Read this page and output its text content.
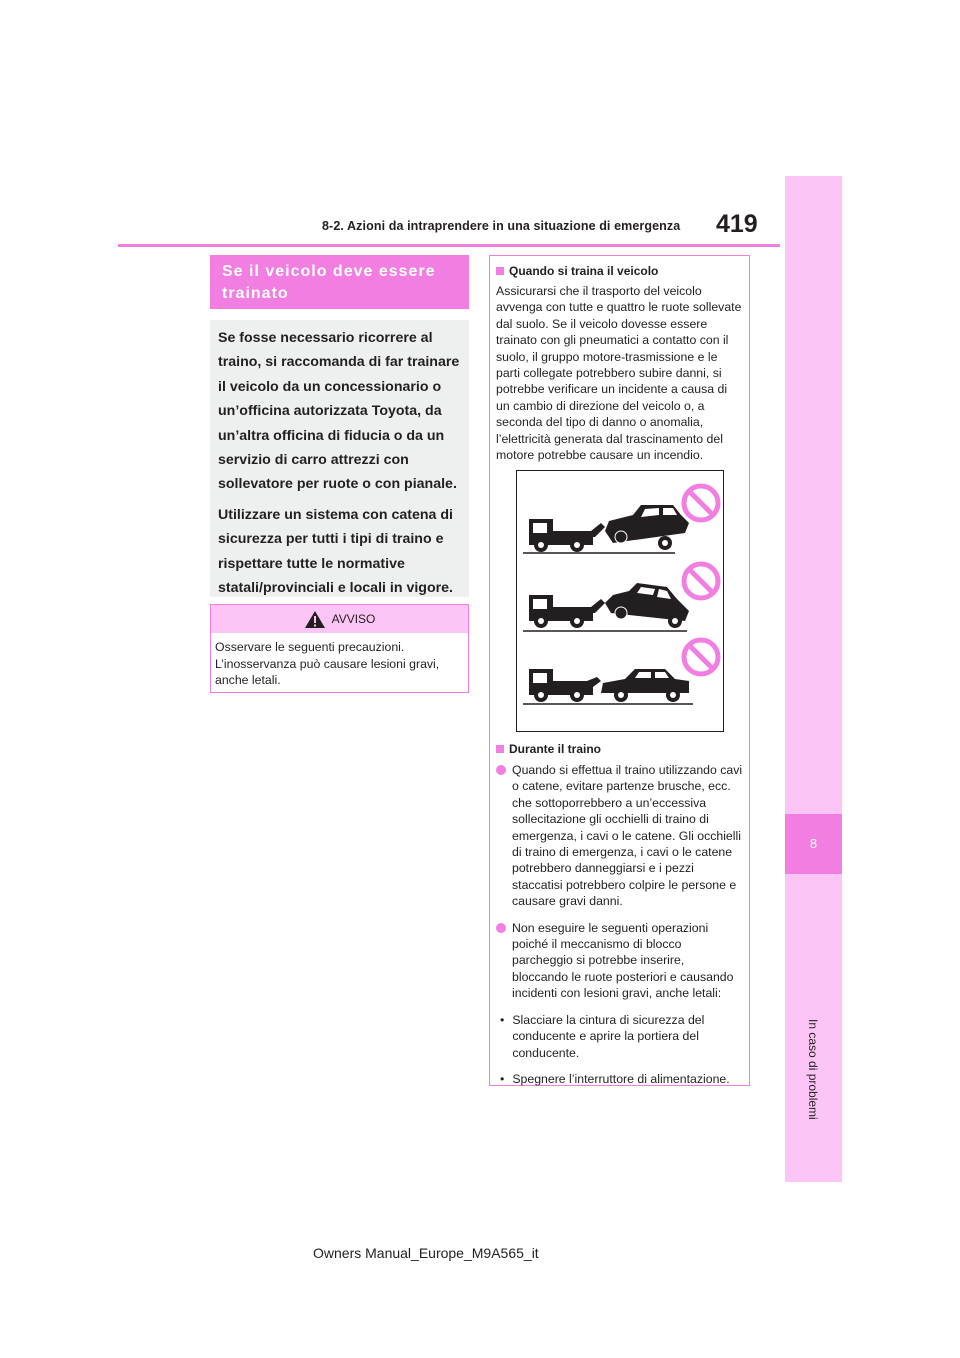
8-2. Azioni da intraprendere in una situazione di emergenza 419
8
In caso di problemi
Se il veicolo deve essere trainato

Se fosse necessario ricorrere al traino, si raccomanda di far trainare il veicolo da un concessionario o un’officina autorizzata Toyota, da un’altra officina di fiducia o da un servizio di carro attrezzi con sollevatore per ruote o con pianale.

Utilizzare un sistema con catena di sicurezza per tutti i tipi di traino e rispettare tutte le normative statali/provinciali e locali in vigore.

AVVISO
Osservare le seguenti precauzioni. L’inosservanza può causare lesioni gravi, anche letali.
Quando si traina il veicolo

Assicurarsi che il trasporto del veicolo avvenga con tutte e quattro le ruote sollevate dal suolo. Se il veicolo dovesse essere trainato con gli pneumatici a contatto con il suolo, il gruppo motore-trasmissione e le parti collegate potrebbero subire danni, si potrebbe verificare un incidente a causa di un cambio di direzione del veicolo o, a seconda del tipo di danno o anomalia, l’elettricità generata dal trascinamento del motore potrebbe causare un incendio.

Durante il traino
Quando si effettua il traino utilizzando cavi o catene, evitare partenze brusche, ecc. che sottoporrebbero a un’eccessiva sollecitazione gli occhielli di traino di emergenza, i cavi o le catene. Gli occhielli di traino di emergenza, i cavi o le catene potrebbero danneggiarsi e i pezzi staccatisi potrebbero colpire le persone e causare gravi danni.
Non eseguire le seguenti operazioni poiché il meccanismo di blocco parcheggio si potrebbe inserire, bloccando le ruote posteriori e causando incidenti con lesioni gravi, anche letali:
• Slacciare la cintura di sicurezza del conducente e aprire la portiera del conducente.
• Spegnere l’interruttore di alimentazione.
Owners Manual_Europe_M9A565_it
